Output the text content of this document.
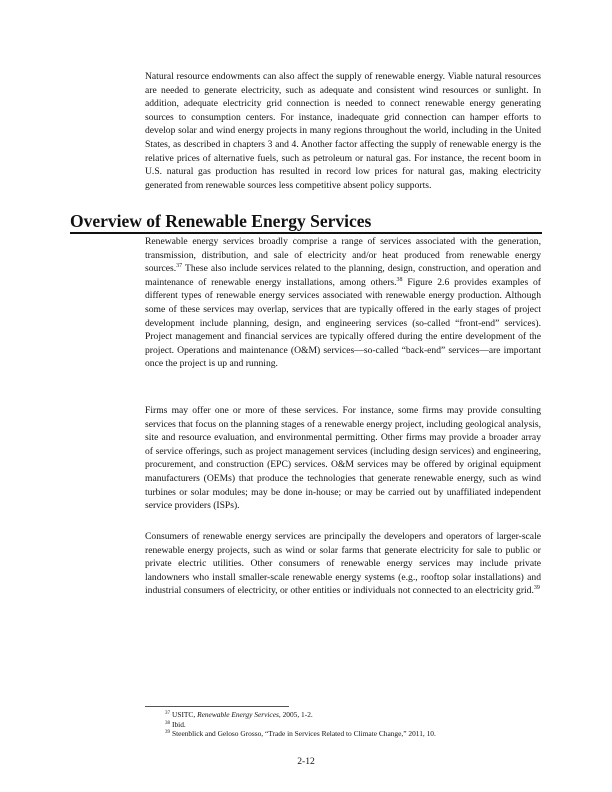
Natural resource endowments can also affect the supply of renewable energy. Viable natural resources are needed to generate electricity, such as adequate and consistent wind resources or sunlight. In addition, adequate electricity grid connection is needed to connect renewable energy generating sources to consumption centers. For instance, inadequate grid connection can hamper efforts to develop solar and wind energy projects in many regions throughout the world, including in the United States, as described in chapters 3 and 4. Another factor affecting the supply of renewable energy is the relative prices of alternative fuels, such as petroleum or natural gas. For instance, the recent boom in U.S. natural gas production has resulted in record low prices for natural gas, making electricity generated from renewable sources less competitive absent policy supports.

Overview of Renewable Energy Services

Renewable energy services broadly comprise a range of services associated with the generation, transmission, distribution, and sale of electricity and/or heat produced from renewable energy sources.$^{37}$ These also include services related to the planning, design, construction, and operation and maintenance of renewable energy installations, among others.$^{38}$ Figure 2.6 provides examples of different types of renewable energy services associated with renewable energy production. Although some of these services may overlap, services that are typically offered in the early stages of project development include planning, design, and engineering services (so-called “front-end” services). Project management and financial services are typically offered during the entire development of the project. Operations and maintenance (O&M) services—so-called “back-end” services—are important once the project is up and running.

Firms may offer one or more of these services. For instance, some firms may provide consulting services that focus on the planning stages of a renewable energy project, including geological analysis, site and resource evaluation, and environmental permitting. Other firms may provide a broader array of service offerings, such as project management services (including design services) and engineering, procurement, and construction (EPC) services. O&M services may be offered by original equipment manufacturers (OEMs) that produce the technologies that generate renewable energy, such as wind turbines or solar modules; may be done in-house; or may be carried out by unaffiliated independent service providers (ISPs).

Consumers of renewable energy services are principally the developers and operators of larger-scale renewable energy projects, such as wind or solar farms that generate electricity for sale to public or private electric utilities. Other consumers of renewable energy services may include private landowners who install smaller-scale renewable energy systems (e.g., rooftop solar installations) and industrial consumers of electricity, or other entities or individuals not connected to an electricity grid.$^{39}$

$^{37}$ USITC, Renewable Energy Services, 2005, 1-2.
$^{38}$ Ibid.
$^{39}$ Steenblick and Geloso Grosso, “Trade in Services Related to Climate Change,” 2011, 10.
2-12
